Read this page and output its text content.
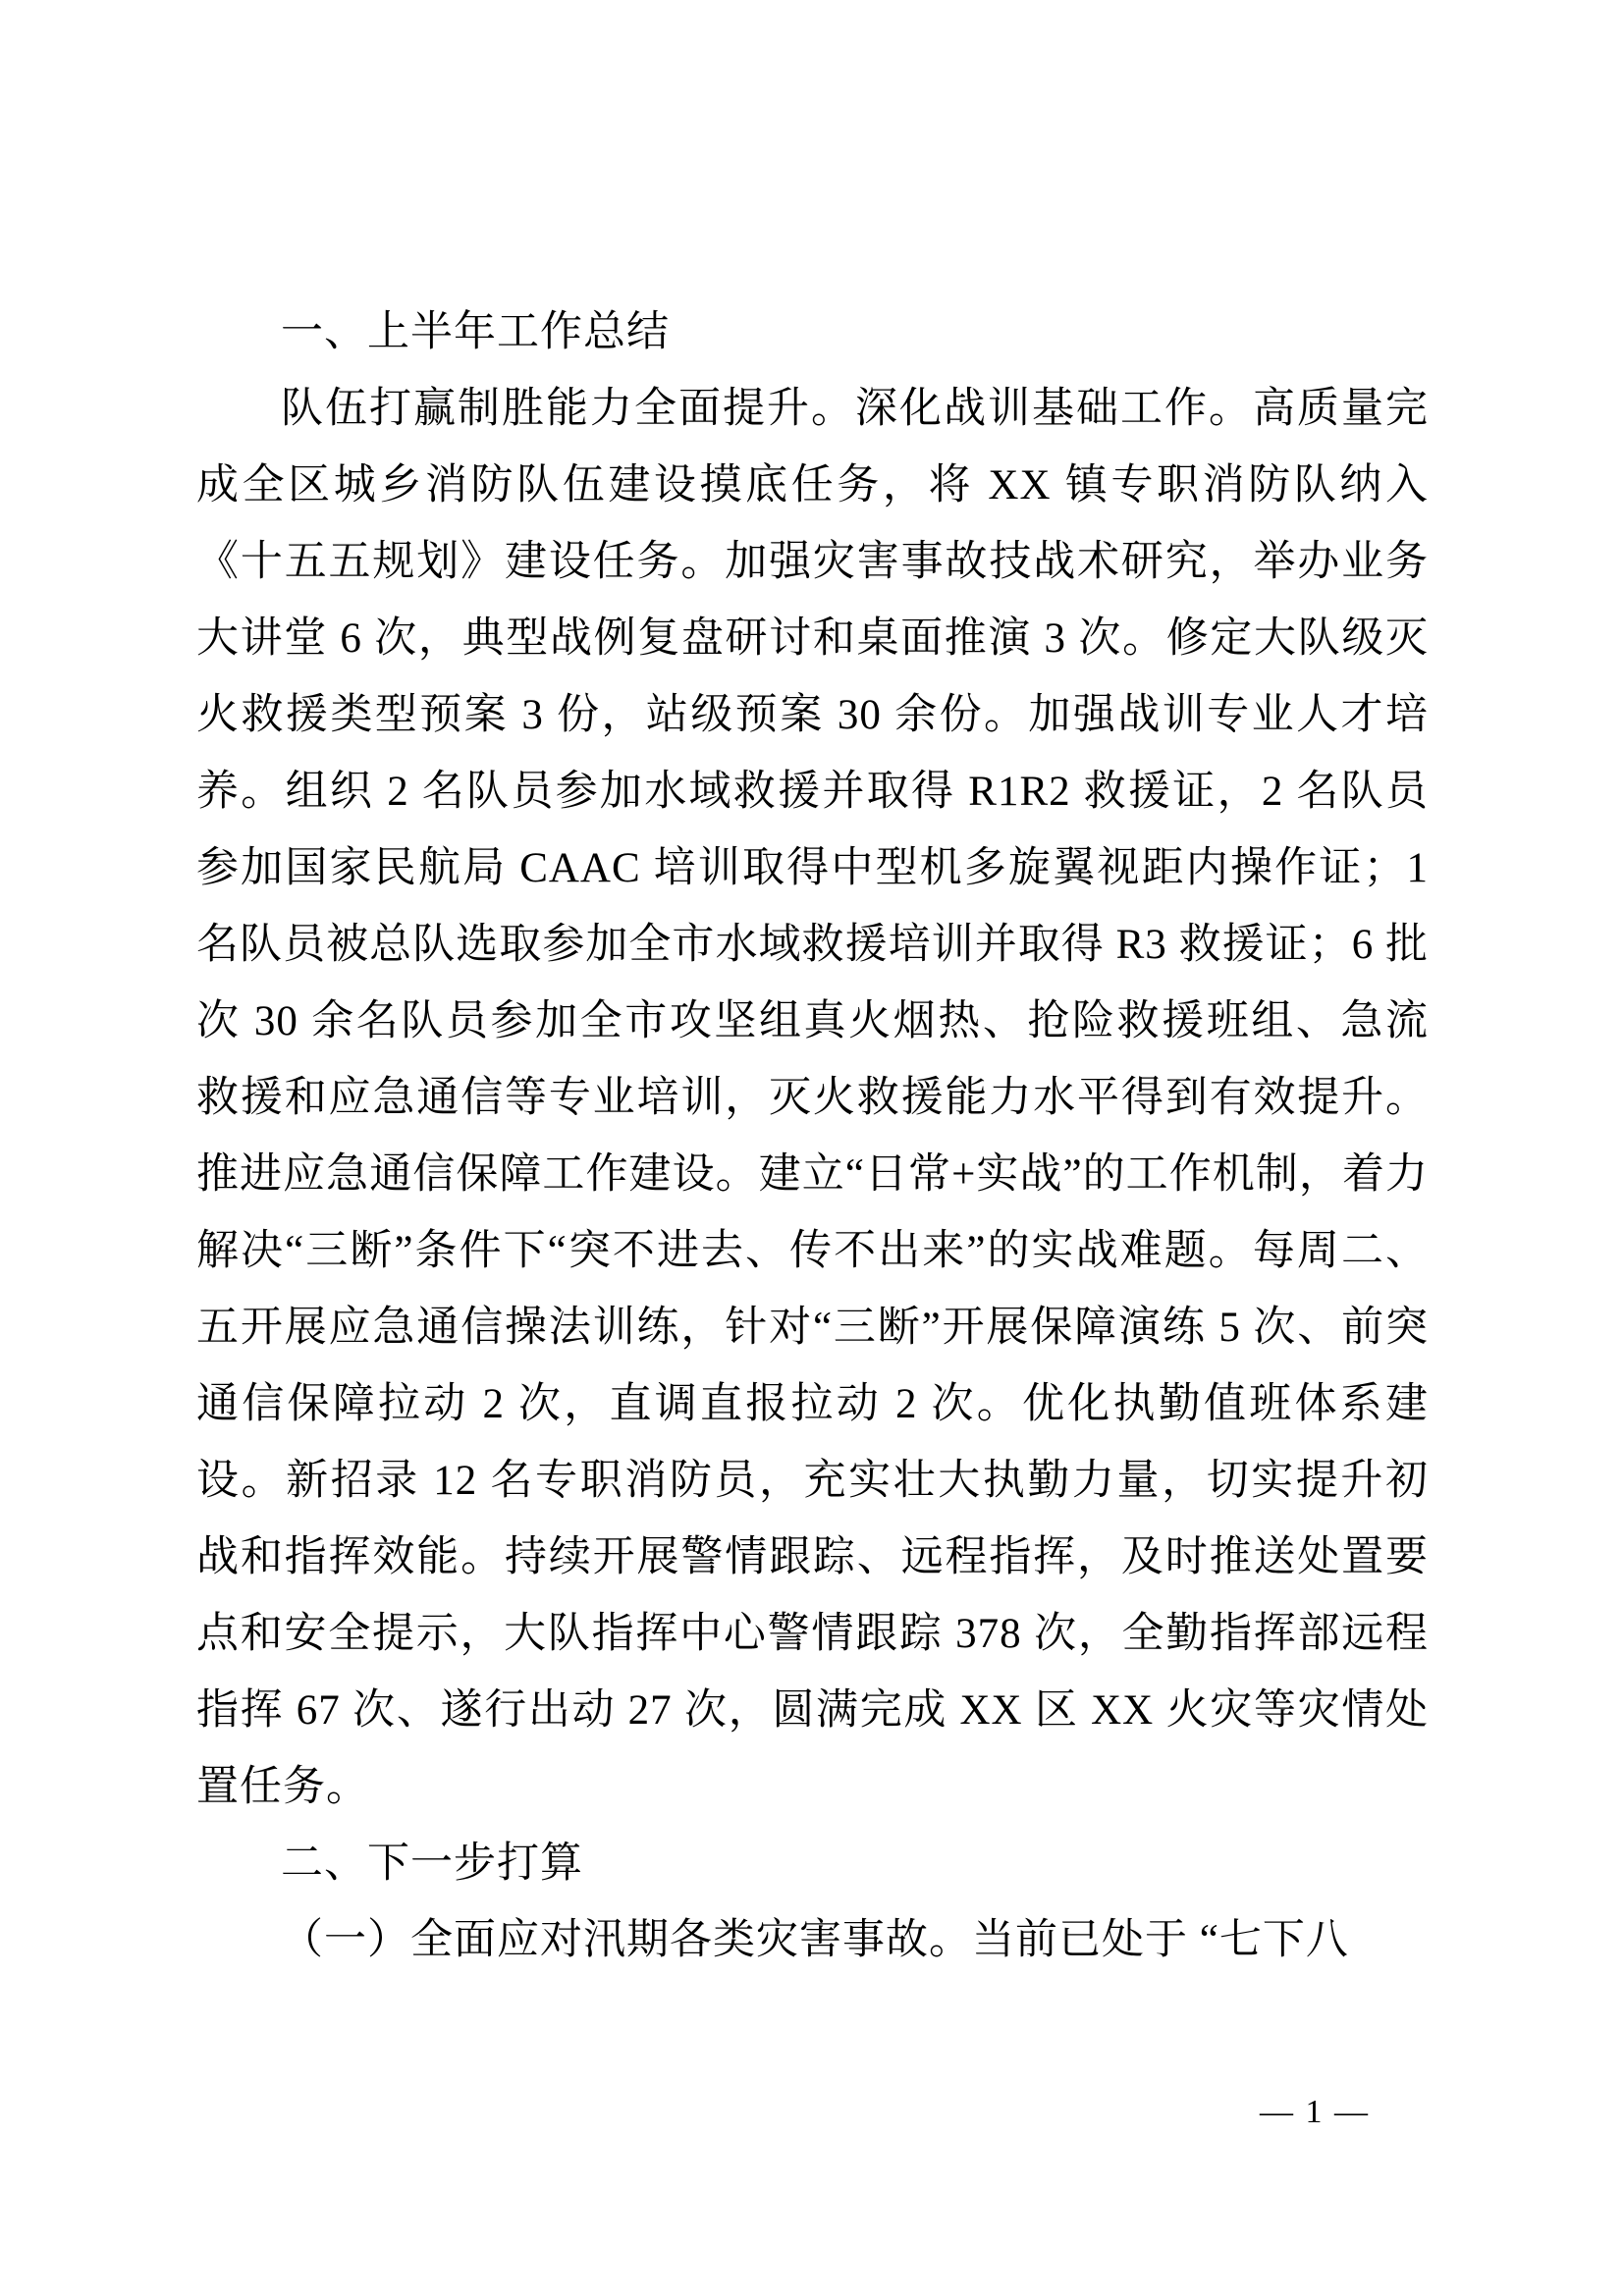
一、上半年工作总结

队伍打赢制胜能力全面提升。深化战训基础工作。高质量完成全区城乡消防队伍建设摸底任务，将 XX 镇专职消防队纳入《十五五规划》建设任务。加强灾害事故技战术研究，举办业务大讲堂 6 次，典型战例复盘研讨和桌面推演 3 次。修定大队级灭火救援类型预案 3 份，站级预案 30 余份。加强战训专业人才培养。组织 2 名队员参加水域救援并取得 R1R2 救援证，2 名队员参加国家民航局 CAAC 培训取得中型机多旋翼视距内操作证；1 名队员被总队选取参加全市水域救援培训并取得 R3 救援证；6 批次 30 余名队员参加全市攻坚组真火烟热、抢险救援班组、急流救援和应急通信等专业培训，灭火救援能力水平得到有效提升。推进应急通信保障工作建设。建立“日常+实战”的工作机制，着力解决“三断”条件下“突不进去、传不出来”的实战难题。每周二、五开展应急通信操法训练，针对“三断”开展保障演练 5 次、前突通信保障拉动 2 次，直调直报拉动 2 次。优化执勤值班体系建设。新招录 12 名专职消防员，充实壮大执勤力量，切实提升初战和指挥效能。持续开展警情跟踪、远程指挥，及时推送处置要点和安全提示，大队指挥中心警情跟踪 378 次，全勤指挥部远程指挥 67 次、遂行出动 27 次，圆满完成 XX 区 XX 火灾等灾情处置任务。

二、下一步打算

（一）全面应对汛期各类灾害事故。当前已处于 “七下八

— 1 —
